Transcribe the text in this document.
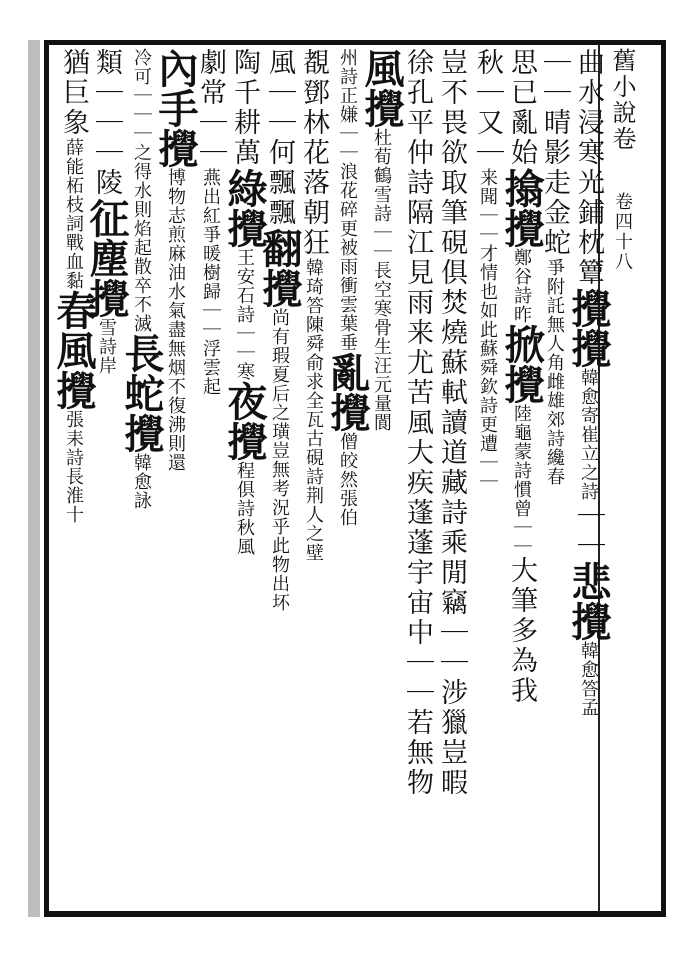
舊小說卷
卷四十八
曲水浸寒光鋪枕簟
攪攪
韓愈寄崔立之詩
｜｜
悲攪
韓愈答孟
｜｜晴影走金蛇
爭附託無人角雌雄
郊詩纔春
思已亂始
㩉攪
鄭谷詩昨
掀攪
陸龜蒙詩慣曾｜｜
大筆多為我
秋｜又｜
来聞｜｜
才情也如此蘇舜欽詩更遭｜｜
豈不畏欲取筆硯俱焚燒蘇軾讀道藏詩乘閒竊｜｜涉獵豈暇
徐孔平仲詩隔江見雨来尤苦風大疾蓬蓬宇宙中｜｜若無物
風攪
杜荀鶴雪詩｜｜長空寒骨生汪元量閬
州詩正嫌｜｜浪花碎更被雨衝雲葉垂
亂攪
僧皎然張伯
覩鄧林花落朝狂
韓琦答陳舜俞求全瓦古硯詩荆人之壁
風｜｜何飄飄
翻攪
尚有瑕夏后之璜豈無考況乎此物出坏
陶千耕萬
綠攪
王安石詩｜｜寒
夜攪
程俱詩秋風
劇常｜｜
燕出紅爭暖樹歸｜｜浮雲起
內手攪
博物志煎麻油水氣盡無烟不復沸則還
冷可｜｜｜之得水則焰起散卒不滅
長蛇攪
韓愈詠
類｜｜｜陵
征塵攪
雪詩岸
猶巨象
薛能柘枝詞戰血黏
春風攪
張耒詩長淮十
